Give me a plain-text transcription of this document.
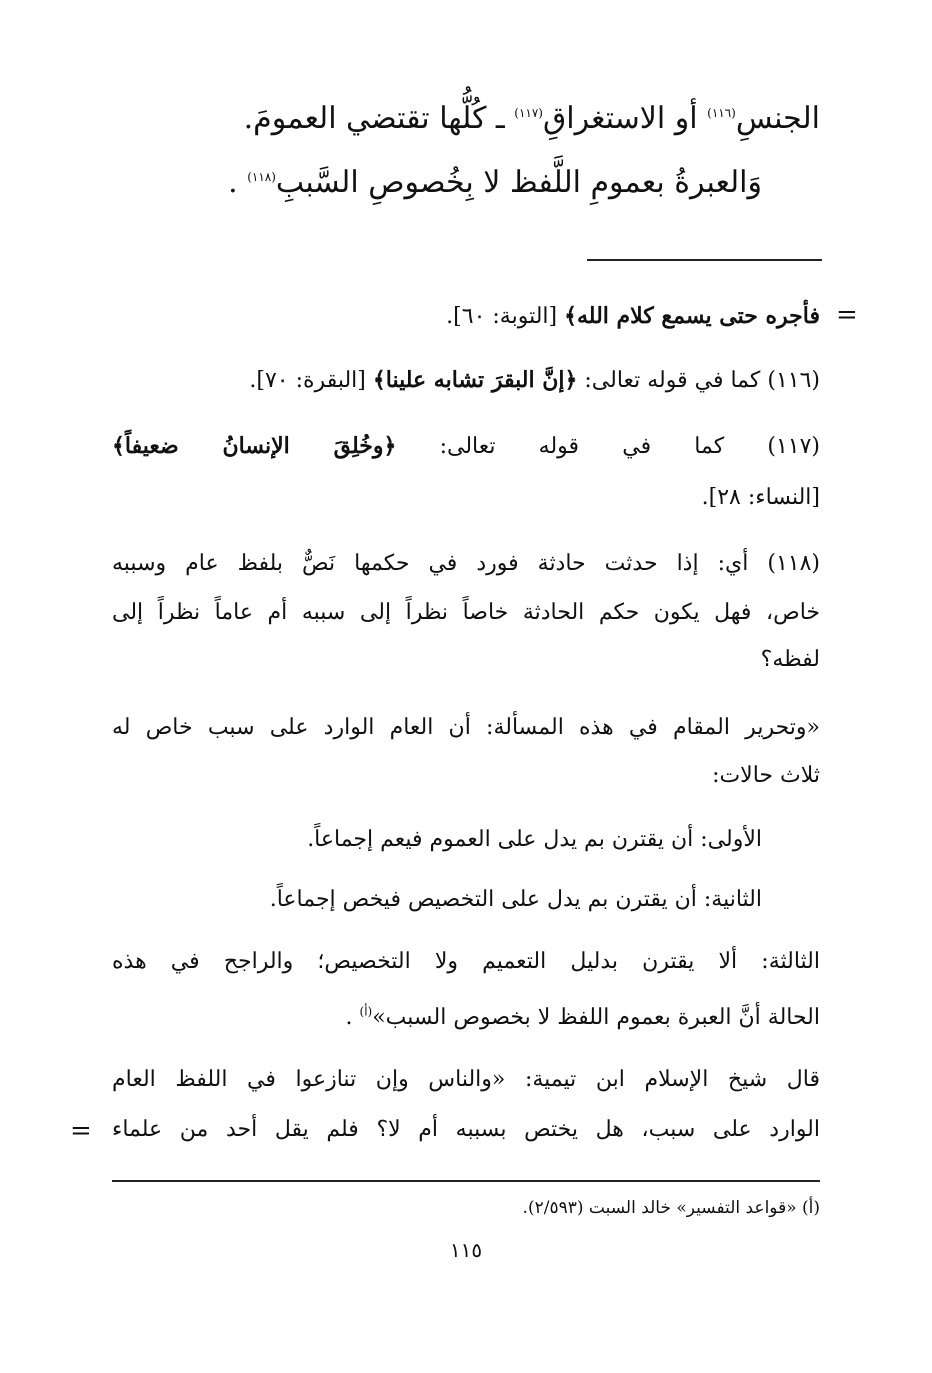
الجنسِ$^{(١١٦)}$ أو الاستغراقِ$^{(١١٧)}$ ـ كُلُّها تقتضي العمومَ.
وَالعبرةُ بعمومِ اللَّفظ لا بِخُصوصِ السَّببِ$^{(١١٨)}$ .
=
فأجره حتى يسمع كلام الله﴾ [التوبة: ٦٠].
(١١٦) كما في قوله تعالى: ﴿إنَّ البقرَ تشابه علينا﴾ [البقرة: ٧٠].
(١١٧) كما في قوله تعالى: ﴿وخُلِقَ الإنسانُ ضعيفاً﴾
[النساء: ٢٨].
(١١٨) أي: إذا حدثت حادثة فورد في حكمها نَصٌّ بلفظ عام وسببه
خاص، فهل يكون حكم الحادثة خاصاً نظراً إلى سببه أم عاماً نظراً إلى
لفظه؟
«وتحرير المقام في هذه المسألة: أن العام الوارد على سبب خاص له
ثلاث حالات:
الأولى: أن يقترن بم يدل على العموم فيعم إجماعاً.
الثانية: أن يقترن بم يدل على التخصيص فيخص إجماعاً.
الثالثة: ألا يقترن بدليل التعميم ولا التخصيص؛ والراجح في هذه
الحالة أنَّ العبرة بعموم اللفظ لا بخصوص السبب»$^{(أ)}$ .
قال شيخ الإسلام ابن تيمية: «والناس وإن تنازعوا في اللفظ العام
الوارد على سبب، هل يختص بسببه أم لا؟ فلم يقل أحد من علماء
=
(أ) «قواعد التفسير» خالد السبت (٢/٥٩٣).
١١٥
